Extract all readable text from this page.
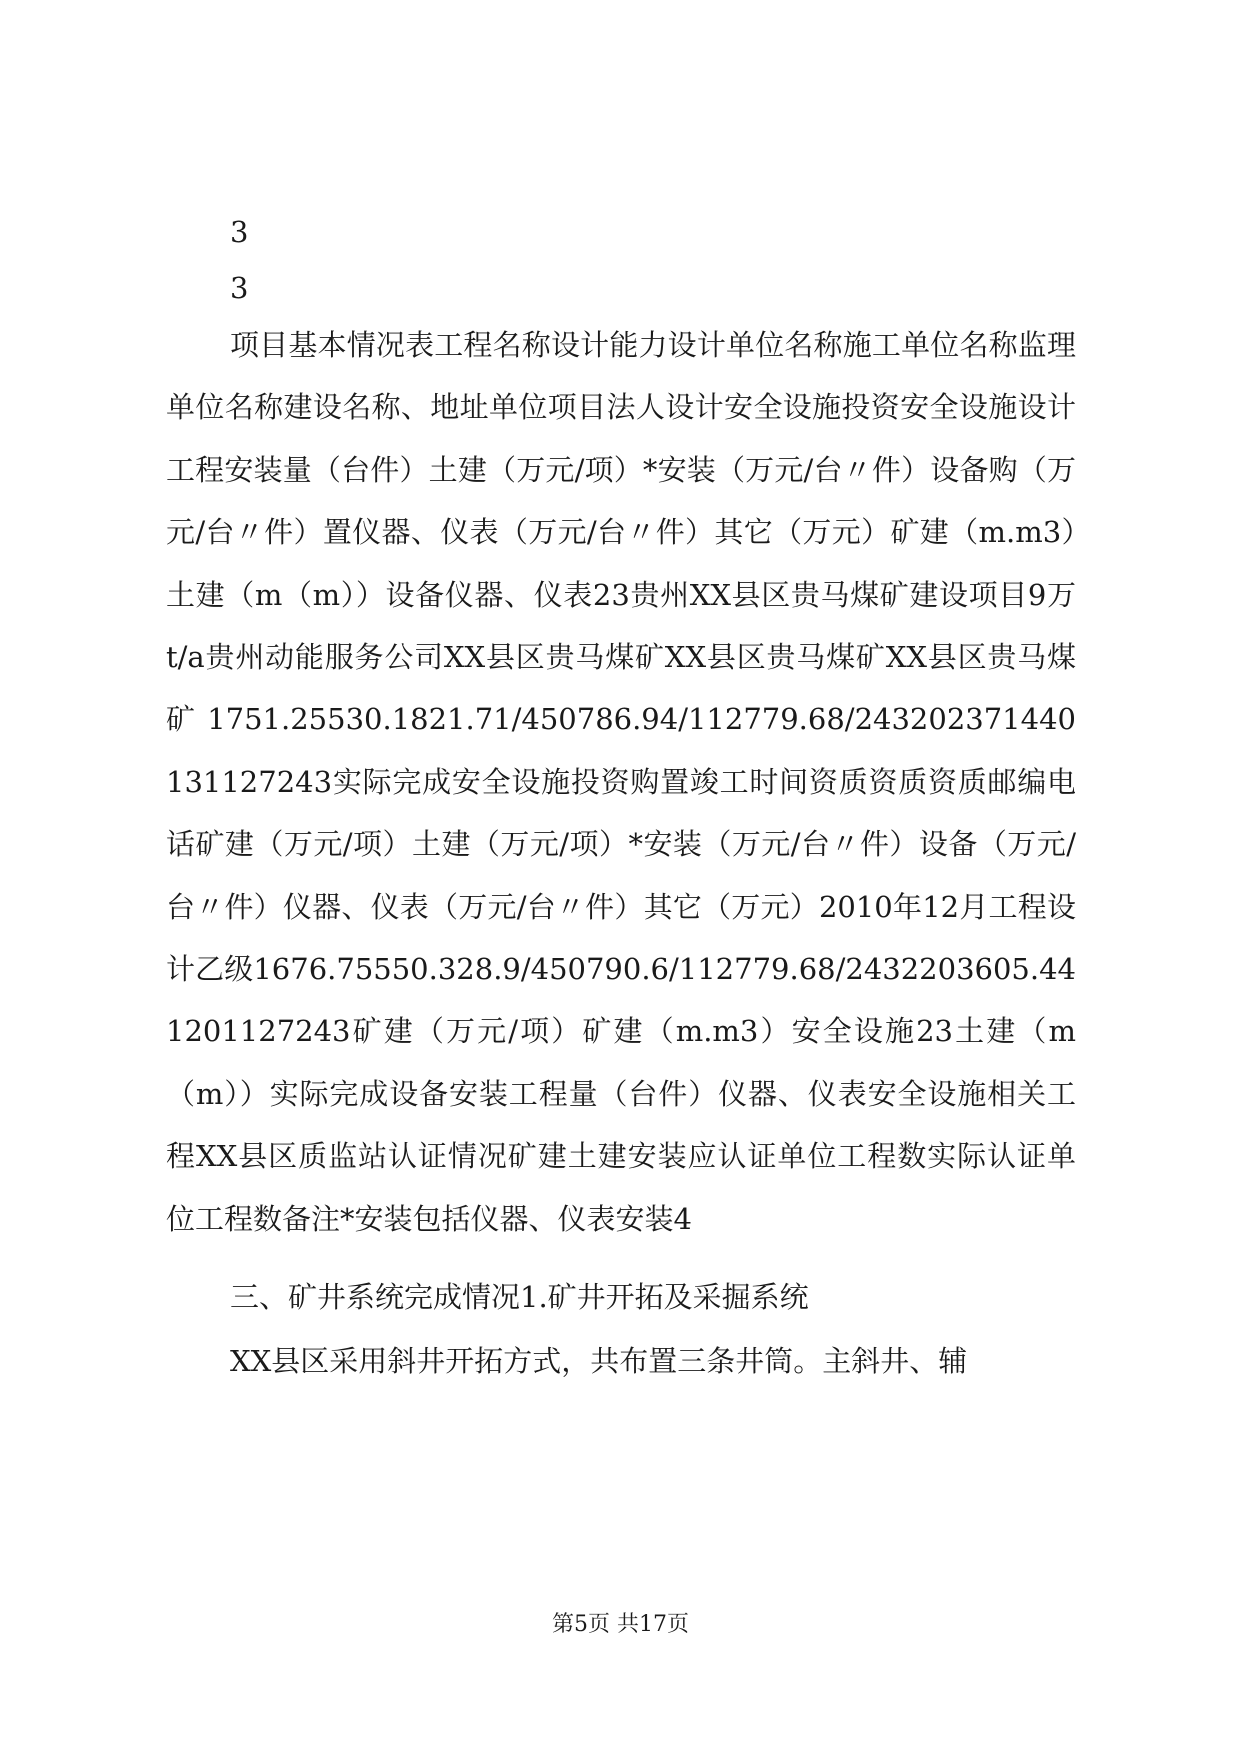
3
3

项目基本情况表工程名称设计能力设计单位名称施工单位名称监理单位名称建设名称、地址单位项目法人设计安全设施投资安全设施设计工程安装量（台件）土建（万元/项）*安装（万元/台〃件）设备购（万元/台〃件）置仪器、仪表（万元/台〃件）其它（万元）矿建（m.m3）土建（m（m））设备仪器、仪表23贵州XX县区贵马煤矿建设项目9万t/a贵州动能服务公司XX县区贵马煤矿XX县区贵马煤矿XX县区贵马煤矿1751.25530.1821.71/450786.94/112779.68/243202371440131127243实际完成安全设施投资购置竣工时间资质资质资质邮编电话矿建（万元/项）土建（万元/项）*安装（万元/台〃件）设备（万元/台〃件）仪器、仪表（万元/台〃件）其它（万元）2010年12月工程设计乙级1676.75550.328.9/450790.6/112779.68/2432203605.441201127243矿建（万元/项）矿建（m.m3）安全设施23土建（m（m））实际完成设备安装工程量（台件）仪器、仪表安全设施相关工程XX县区质监站认证情况矿建土建安装应认证单位工程数实际认证单位工程数备注*安装包括仪器、仪表安装4

三、矿井系统完成情况1.矿井开拓及采掘系统

XX县区采用斜井开拓方式，共布置三条井筒。主斜井、辅

第5页 共17页
